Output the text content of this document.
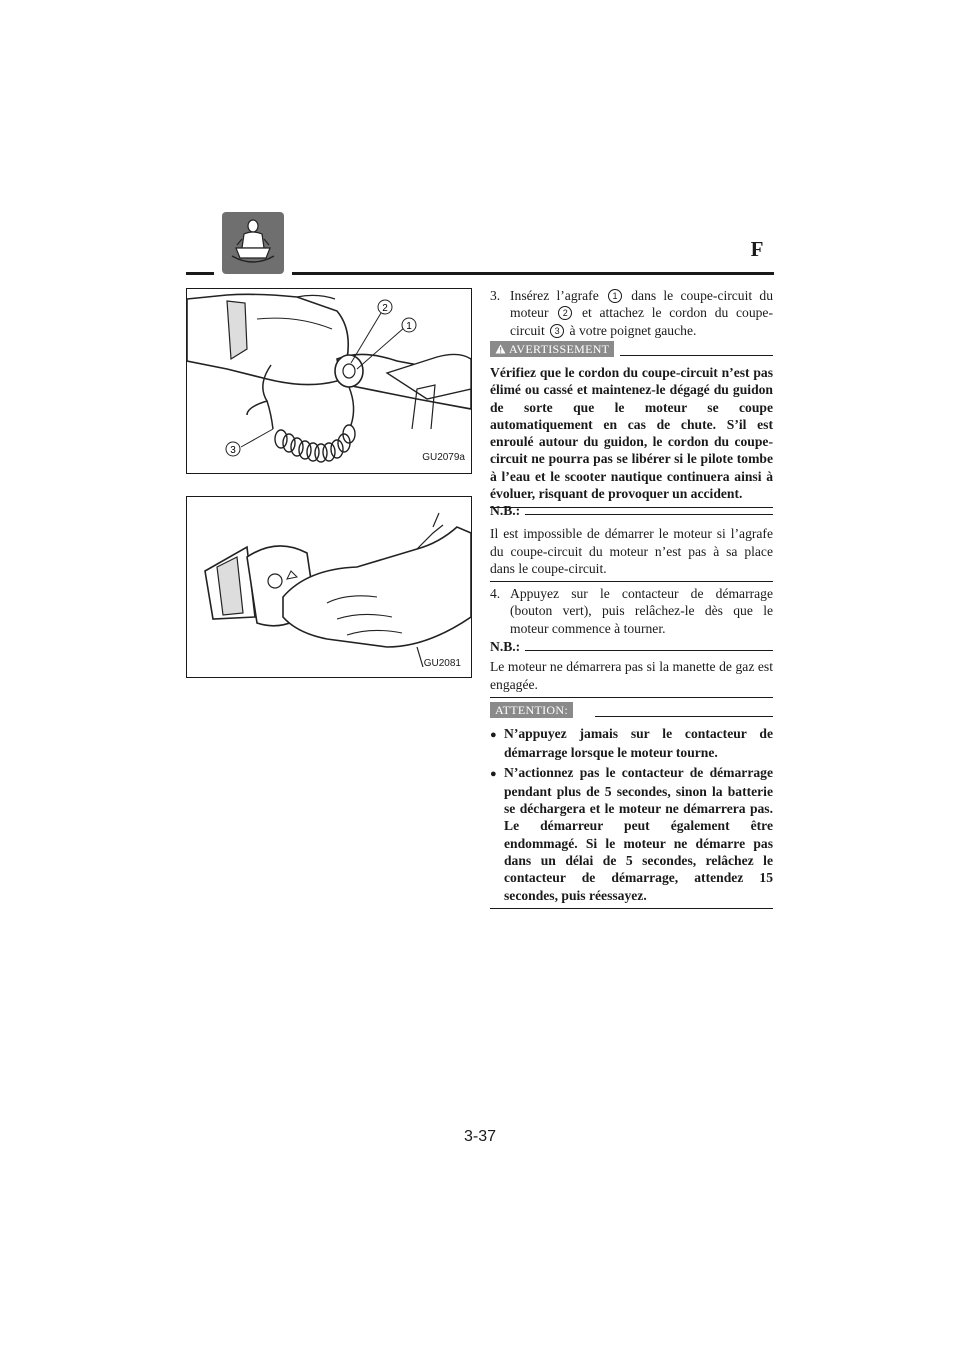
F
2
1
3
GU2079a
GU2081

3. Insérez l’agrafe 1 dans le coupe-circuit du moteur 2 et attachez le cordon du coupe-circuit 3 à votre poignet gauche.

AVERTISSEMENT

Vérifiez que le cordon du coupe-circuit n’est pas élimé ou cassé et maintenez-le dégagé du guidon de sorte que le moteur se coupe automatiquement en cas de chute. S’il est enroulé autour du guidon, le cordon du coupe-circuit ne pourra pas se libérer si le pilote tombe à l’eau et le scooter nautique continuera ainsi à évoluer, risquant de provoquer un accident.

N.B.:

Il est impossible de démarrer le moteur si l’agrafe du coupe-circuit du moteur n’est pas à sa place dans le coupe-circuit.

4. Appuyez sur le contacteur de démarrage (bouton vert), puis relâchez-le dès que le moteur commence à tourner.

N.B.:

Le moteur ne démarrera pas si la manette de gaz est engagée.

ATTENTION:

● N’appuyez jamais sur le contacteur de démarrage lorsque le moteur tourne.

● N’actionnez pas le contacteur de démarrage pendant plus de 5 secondes, sinon la batterie se déchargera et le moteur ne démarrera pas. Le démarreur peut également être endommagé. Si le moteur ne démarre pas dans un délai de 5 secondes, relâchez le contacteur de démarrage, attendez 15 secondes, puis réessayez.

3-37
